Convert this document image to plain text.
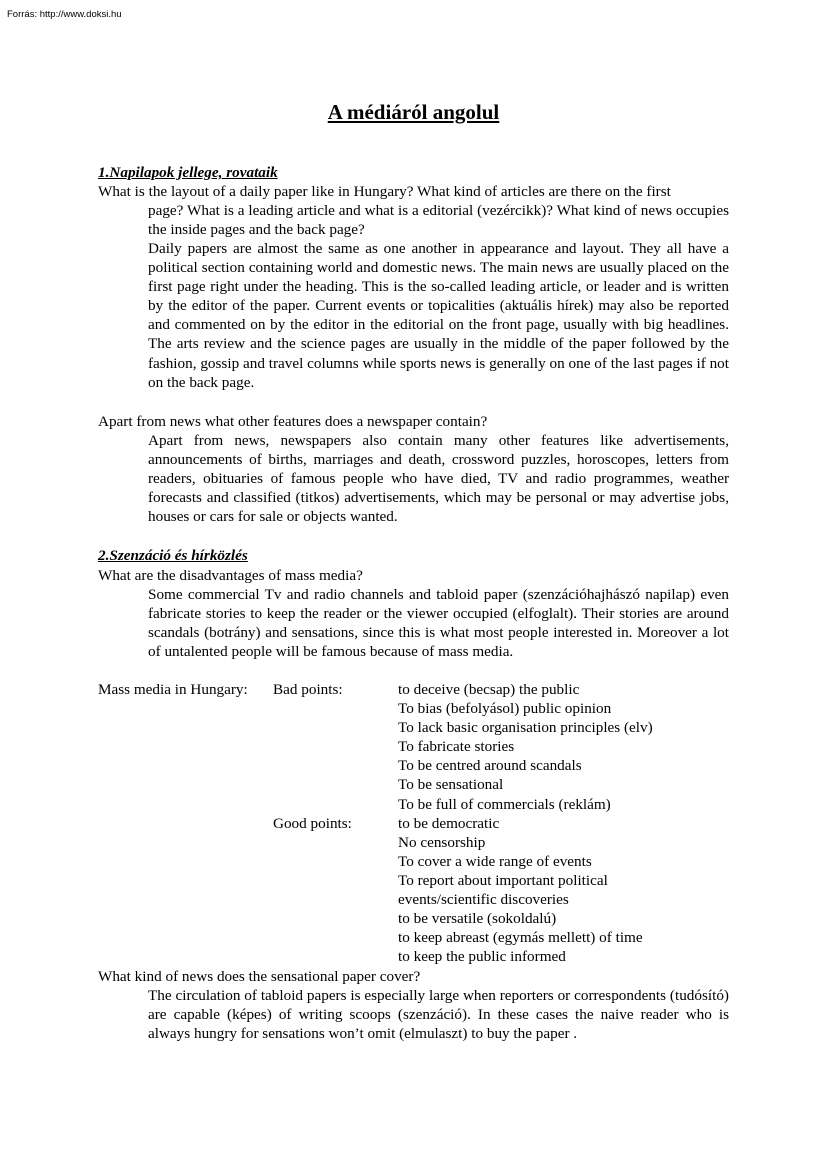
Forrás: http://www.doksi.hu
A médiáról angolul
1.Napilapok jellege, rovataik
What is the layout of a daily paper like in Hungary? What kind of articles are there on the first

page? What is a leading article and what is a editorial (vezércikk)? What kind of news occupies the inside pages and the back page?

Daily papers are almost the same as one another in appearance and layout. They all have a political section containing world and domestic news. The main news are usually placed on the first page right under the heading. This is the so-called leading article, or leader and is written by the editor of the paper. Current events or topicalities (aktuális hírek) may also be reported and commented on by the editor in the editorial on the front page, usually with big headlines. The arts review and the science pages are usually in the middle of the paper followed by the fashion, gossip and travel columns while sports news is generally on one of the last pages if not on the back page.

Apart from news what other features does a newspaper contain?

Apart from news, newspapers also contain many other features like advertisements, announcements of births, marriages and death, crossword puzzles, horoscopes, letters from readers, obituaries of famous people who have died, TV and radio programmes, weather forecasts and classified (titkos) advertisements, which may be personal or may advertise jobs, houses or cars for sale or objects wanted.

2.Szenzáció és hírközlés
What are the disadvantages of mass media?

Some commercial Tv and radio channels and tabloid paper (szenzációhajhászó napilap) even fabricate stories to keep the reader or the viewer occupied (elfoglalt). Their stories are around scandals (botrány) and sensations, since this is what most people interested in. Moreover a lot of untalented people will be famous because of mass media.

Mass media in Hungary: Bad points:	to deceive (becsap) the public
To bias (befolyásol) public opinion
To lack basic organisation principles (elv)
To fabricate stories
To be centred around scandals
To be sensational
To be full of commercials (reklám)
Good points:	to be democratic
No censorship
To cover a wide range of events
To report about important political
events/scientific discoveries
to be versatile (sokoldalú)
to keep abreast (egymás mellett) of time
to keep the public informed
What kind of news does the sensational paper cover?

The circulation of tabloid papers is especially large when reporters or correspondents (tudósító) are capable (képes) of writing scoops (szenzáció). In these cases the naive reader who is always hungry for sensations won’t omit (elmulaszt) to buy the paper .
